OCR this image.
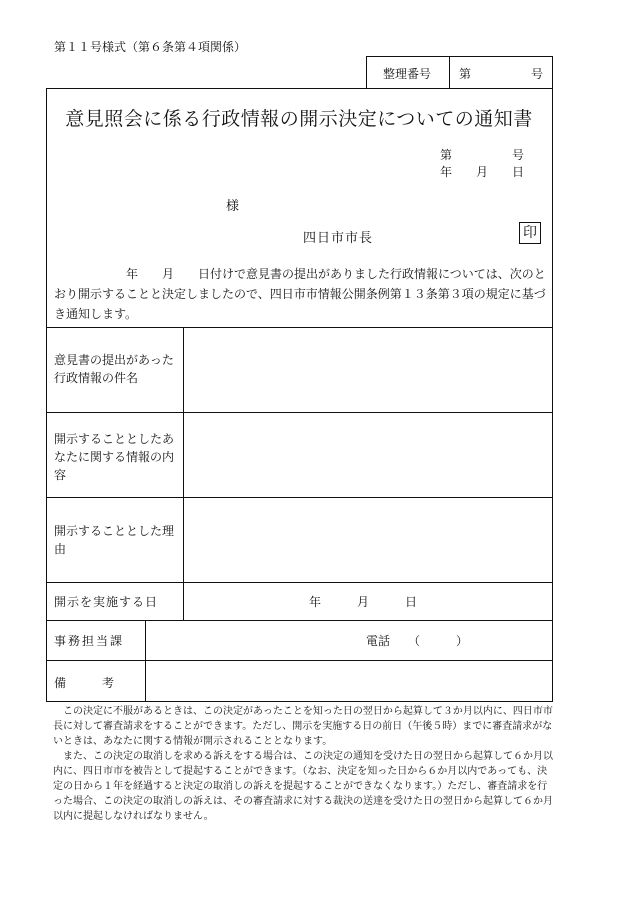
第１１号様式（第６条第４項関係）
整理番号 第　　　　　号
意見照会に係る行政情報の開示決定についての通知書
第　　　　　号
年　　月　　日
様
四日市市長	印
　　　　　　年　　月　　日付けで意見書の提出がありました行政情報については、次のとおり開示することと決定しましたので、四日市市情報公開条例第１３条第３項の規定に基づき通知します。
意見書の提出があった行政情報の件名
開示することとしたあなたに関する情報の内容
開示することとした理由
開示を実施する日	年　　　月　　　日
事務担当課	電話　　（　　　）
備　　　考

この決定に不服があるときは、この決定があったことを知った日の翌日から起算して３か月以内に、四日市市長に対して審査請求をすることができます。ただし、開示を実施する日の前日（午後５時）までに審査請求がないときは、あなたに関する情報が開示されることとなります。

また、この決定の取消しを求める訴えをする場合は、この決定の通知を受けた日の翌日から起算して６か月以内に、四日市市を被告として提起することができます。（なお、決定を知った日から６か月以内であっても、決定の日から１年を経過すると決定の取消しの訴えを提起することができなくなります。）ただし、審査請求を行った場合、この決定の取消しの訴えは、その審査請求に対する裁決の送達を受けた日の翌日から起算して６か月以内に提起しなければなりません。
